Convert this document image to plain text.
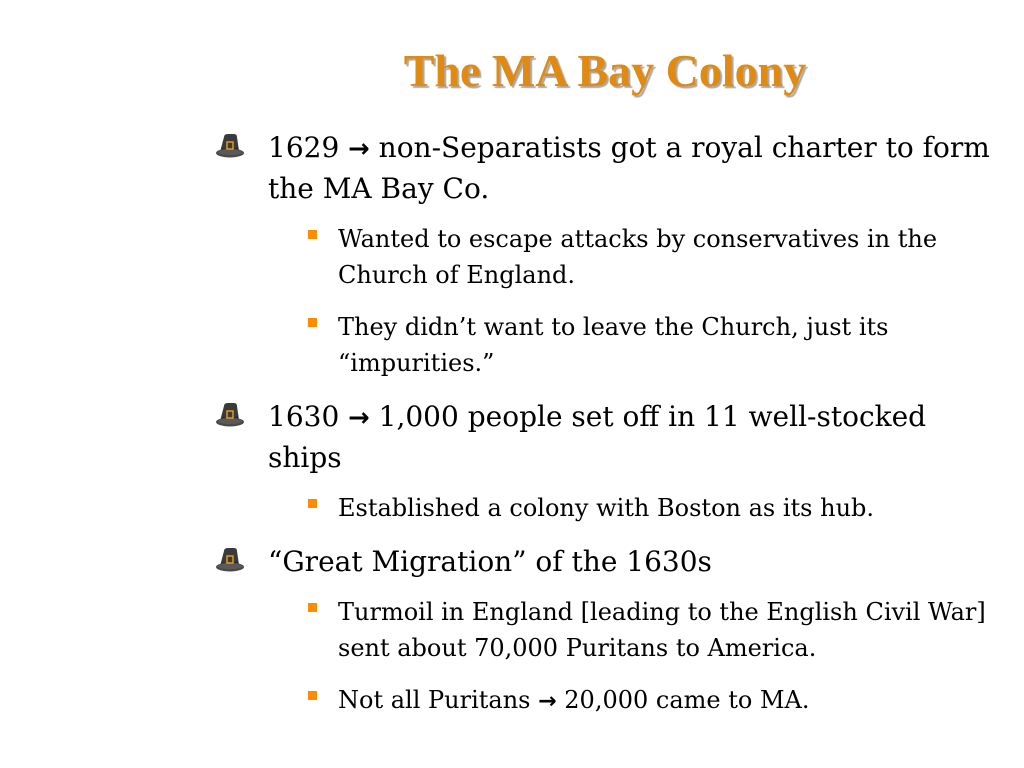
The MA Bay Colony
1629 → non-Separatists got a royal charter to form the MA Bay Co.
Wanted to escape attacks by conservatives in the Church of England.
They didn’t want to leave the Church, just its “impurities.”
1630 → 1,000 people set off in 11 well-stocked ships
Established a colony with Boston as its hub.
“Great Migration” of the 1630s
Turmoil in England [leading to the English Civil War] sent about 70,000 Puritans to America.
Not all Puritans → 20,000 came to MA.
